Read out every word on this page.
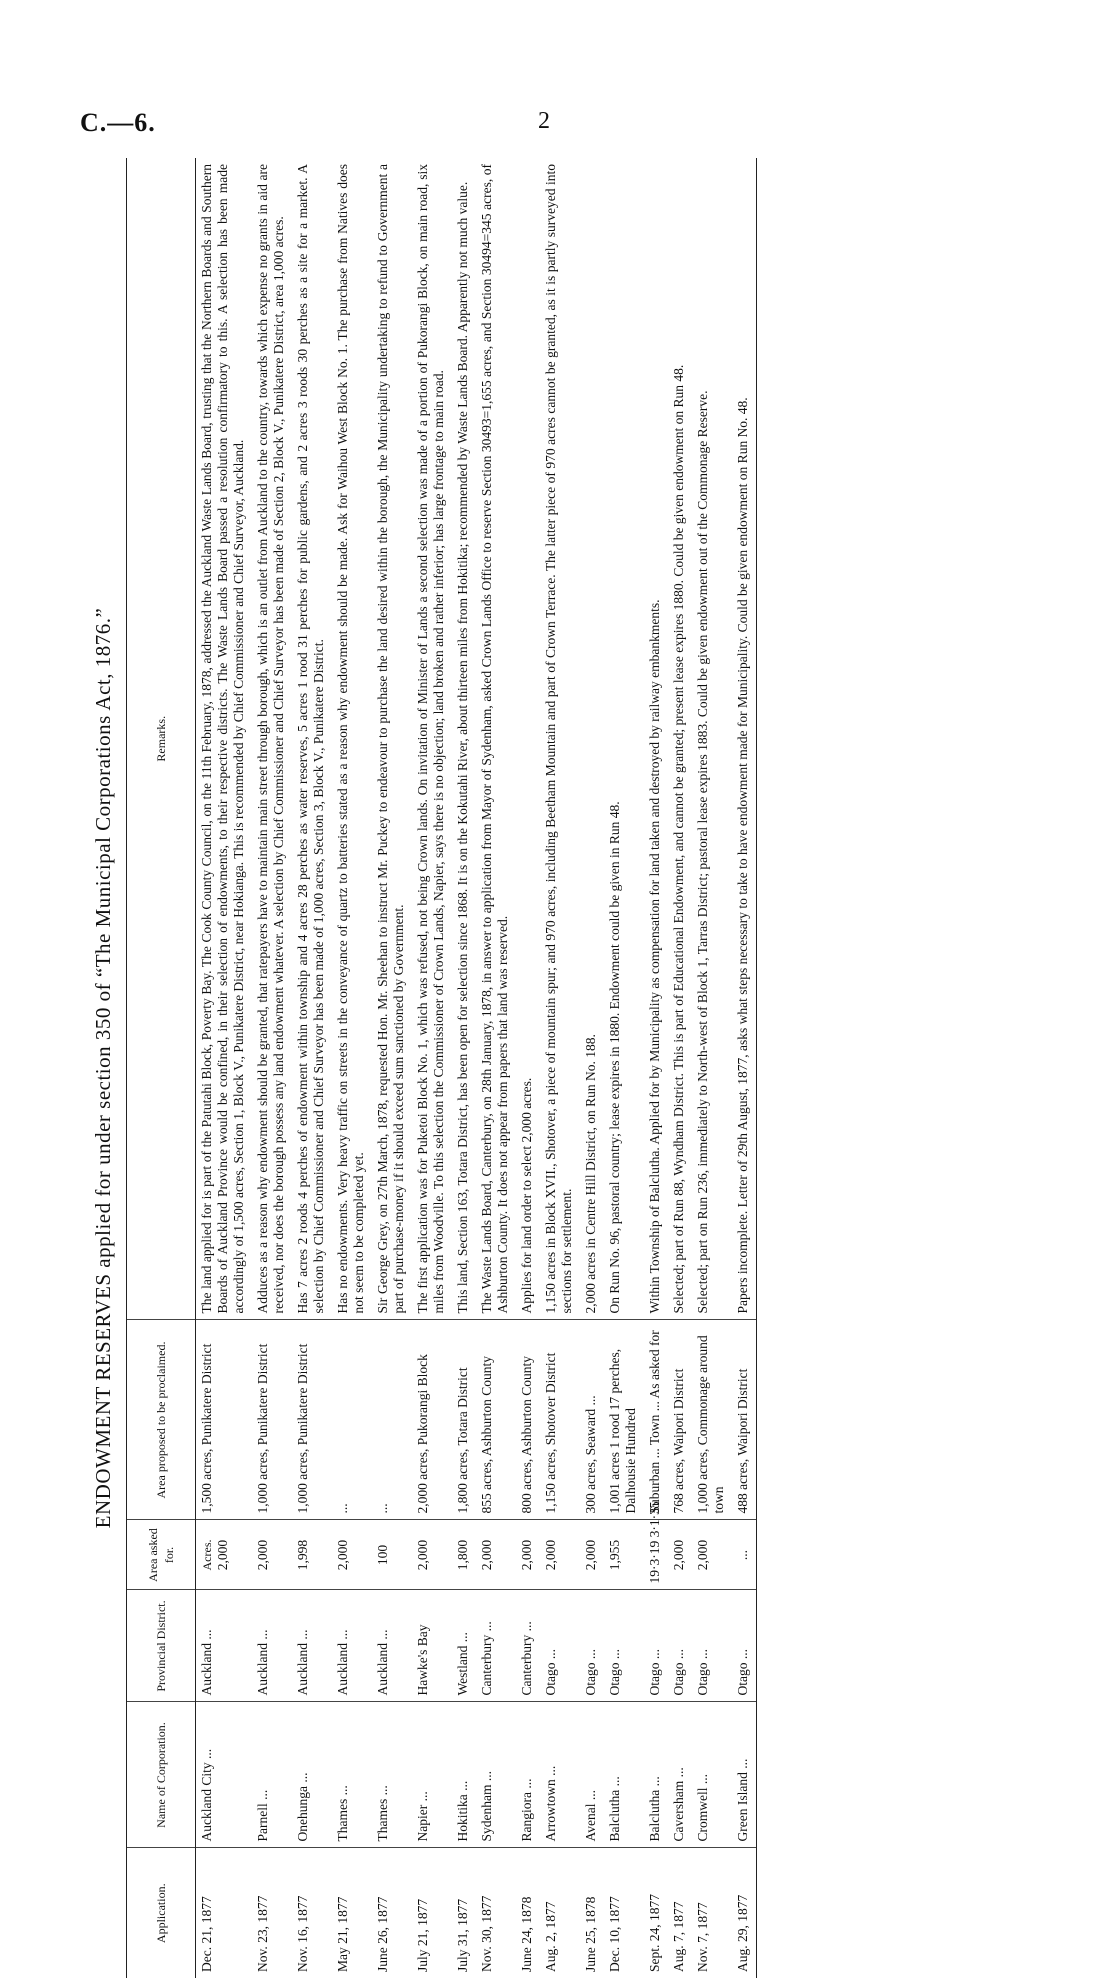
C.—6.	2
ENDOWMENT RESERVES applied for under section 350 of “The Municipal Corporations Act, 1876.”
Application.	Name of Corporation.	Provincial District.	Area asked for.	Area proposed to be proclaimed.	Remarks.
Dec. 21, 1877	Auckland City ...	Auckland ...	Acres. 2,000	1,500 acres, Punikatere District	The land applied for is part of the Patutahi Block, Poverty Bay. The Cook County Council, on the 11th February, 1878, addressed the Auckland Waste Lands Board, trusting that the Northern Boards and Southern Boards of Auckland Province would be confined, in their selection of endowments, to their respective districts. The Waste Lands Board passed a resolution confirmatory to this. A selection has been made accordingly of 1,500 acres, Section 1, Block V., Punikatere District, near Hokianga. This is recommended by Chief Commissioner and Chief Surveyor, Auckland.
Nov. 23, 1877	Parnell ...	Auckland ...	2,000	1,000 acres, Punikatere District	Adduces as a reason why endowment should be granted, that ratepayers have to maintain main street through borough, which is an outlet from Auckland to the country, towards which expense no grants in aid are received, nor does the borough possess any land endowment whatever. A selection by Chief Commissioner and Chief Surveyor has been made of Section 2, Block V., Punikatere District, area 1,000 acres.
Nov. 16, 1877	Onehunga ...	Auckland ...	1,998	1,000 acres, Punikatere District	Has 7 acres 2 roods 4 perches of endowment within township and 4 acres 28 perches as water reserves, 5 acres 1 rood 31 perches for public gardens, and 2 acres 3 roods 30 perches as a site for a market. A selection by Chief Commissioner and Chief Surveyor has been made of 1,000 acres, Section 3, Block V., Punikatere District.
May 21, 1877	Thames ...	Auckland ...	2,000	...	Has no endowments. Very heavy traffic on streets in the conveyance of quartz to batteries stated as a reason why endowment should be made. Ask for Waihou West Block No. 1. The purchase from Natives does not seem to be completed yet.
June 26, 1877	Thames ...	Auckland ...	100	...	Sir George Grey, on 27th March, 1878, requested Hon. Mr. Sheehan to instruct Mr. Puckey to endeavour to purchase the land desired within the borough, the Municipality undertaking to refund to Government a part of purchase-money if it should exceed sum sanctioned by Government.
July 21, 1877	Napier ...	Hawke's Bay	2,000	2,000 acres, Pukorangi Block	The first application was for Puketoi Block No. 1, which was refused, not being Crown lands. On invitation of Minister of Lands a second selection was made of a portion of Pukorangi Block, on main road, six miles from Woodville. To this selection the Commissioner of Crown Lands, Napier, says there is no objection; land broken and rather inferior; has large frontage to main road.
July 31, 1877	Hokitika ...	Westland ...	1,800	1,800 acres, Totara District	This land, Section 163, Totara District, has been open for selection since 1868. It is on the Kokutahi River, about thirteen miles from Hokitika; recommended by Waste Lands Board. Apparently not much value.
Nov. 30, 1877	Sydenham ...	Canterbury ...	2,000	855 acres, Ashburton County	The Waste Lands Board, Canterbury, on 28th January, 1878, in answer to application from Mayor of Sydenham, asked Crown Lands Office to reserve Section 30493=1,655 acres, and Section 30494=345 acres, of Ashburton County. It does not appear from papers that land was reserved.
June 24, 1878	Rangiora ...	Canterbury ...	2,000	800 acres, Ashburton County	Applies for land order to select 2,000 acres.
Aug. 2, 1877	Arrowtown ...	Otago ...	2,000	1,150 acres, Shotover District	1,150 acres in Block XVII., Shotover, a piece of mountain spur; and 970 acres, including Beetham Mountain and part of Crown Terrace. The latter piece of 970 acres cannot be granted, as it is partly surveyed into sections for settlement.
June 25, 1878	Avenal ...	Otago ...	2,000	300 acres, Seaward ...	2,000 acres in Centre Hill District, on Run No. 188.
Dec. 10, 1877	Balclutha ...	Otago ...	1,955	1,001 acres 1 rood 17 perches, Dalhousie Hundred	On Run No. 96, pastoral country; lease expires in 1880. Endowment could be given in Run 48.
Sept. 24, 1877	Balclutha ...	Otago ...	19·3·19 3·1·35	Suburban ... Town ... As asked for	Within Township of Balclutha. Applied for by Municipality as compensation for land taken and destroyed by railway embankments.
Aug. 7, 1877	Caversham ...	Otago ...	2,000	768 acres, Waipori District	Selected; part of Run 88, Wyndham District. This is part of Educational Endowment, and cannot be granted; present lease expires 1880. Could be given endowment on Run 48.
Nov. 7, 1877	Cromwell ...	Otago ...	2,000	1,000 acres, Commonage around town	Selected; part on Run 236, immediately to North-west of Block 1, Tarras District; pastoral lease expires 1883. Could be given endowment out of the Commonage Reserve.
Aug. 29, 1877	Green Island ...	Otago ...	...	488 acres, Waipori District	Papers incomplete. Letter of 29th August, 1877, asks what steps necessary to take to have endowment made for Municipality. Could be given endowment on Run No. 48.
